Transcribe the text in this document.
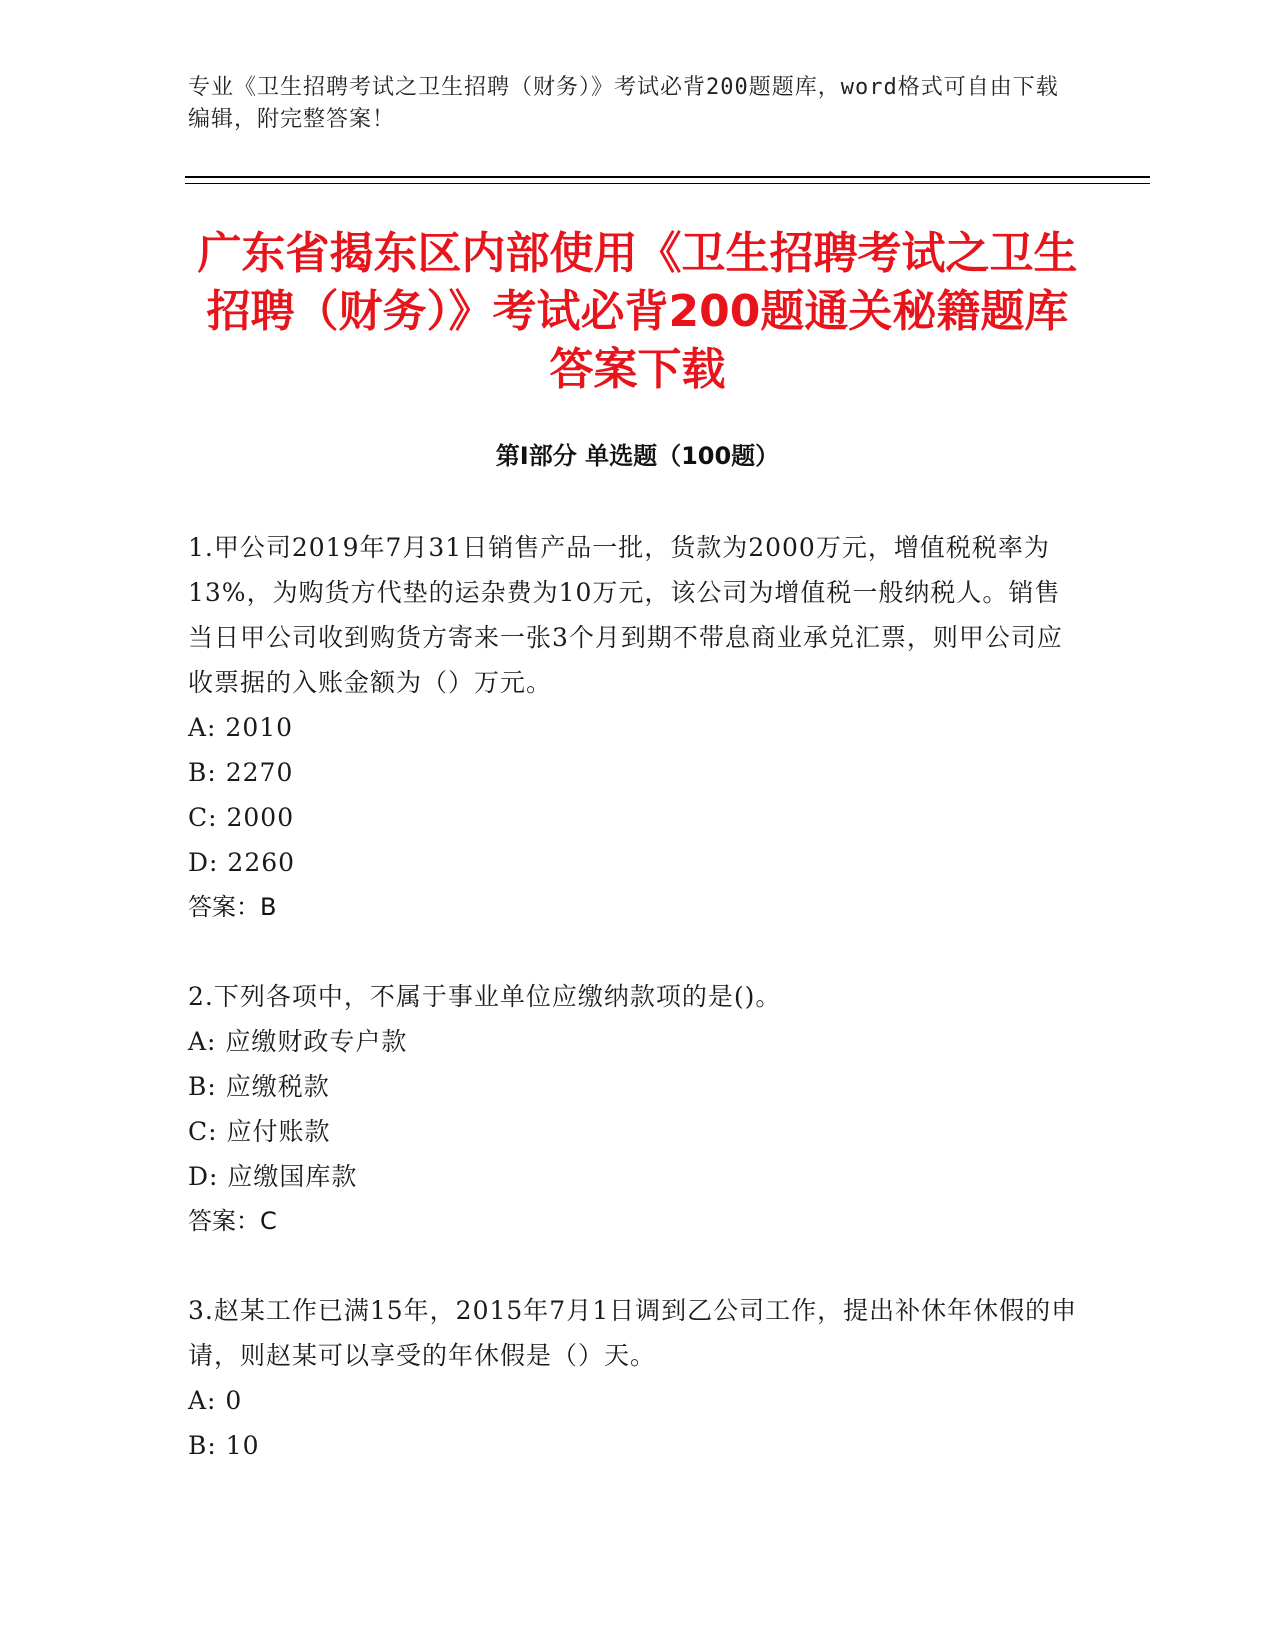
专业《卫生招聘考试之卫生招聘（财务）》考试必背200题题库，word格式可自由下载编辑，附完整答案！
广东省揭东区内部使用《卫生招聘考试之卫生招聘（财务）》考试必背200题通关秘籍题库答案下载
第I部分 单选题（100题）

1.甲公司2019年7月31日销售产品一批，货款为2000万元，增值税税率为13%，为购货方代垫的运杂费为10万元，该公司为增值税一般纳税人。销售当日甲公司收到购货方寄来一张3个月到期不带息商业承兑汇票，则甲公司应收票据的入账金额为（）万元。

A: 2010

B: 2270

C: 2000

D: 2260

答案：B

2.下列各项中，不属于事业单位应缴纳款项的是()。

A: 应缴财政专户款

B: 应缴税款

C: 应付账款

D: 应缴国库款

答案：C

3.赵某工作已满15年，2015年7月1日调到乙公司工作，提出补休年休假的申请，则赵某可以享受的年休假是（）天。

A: 0

B: 10
